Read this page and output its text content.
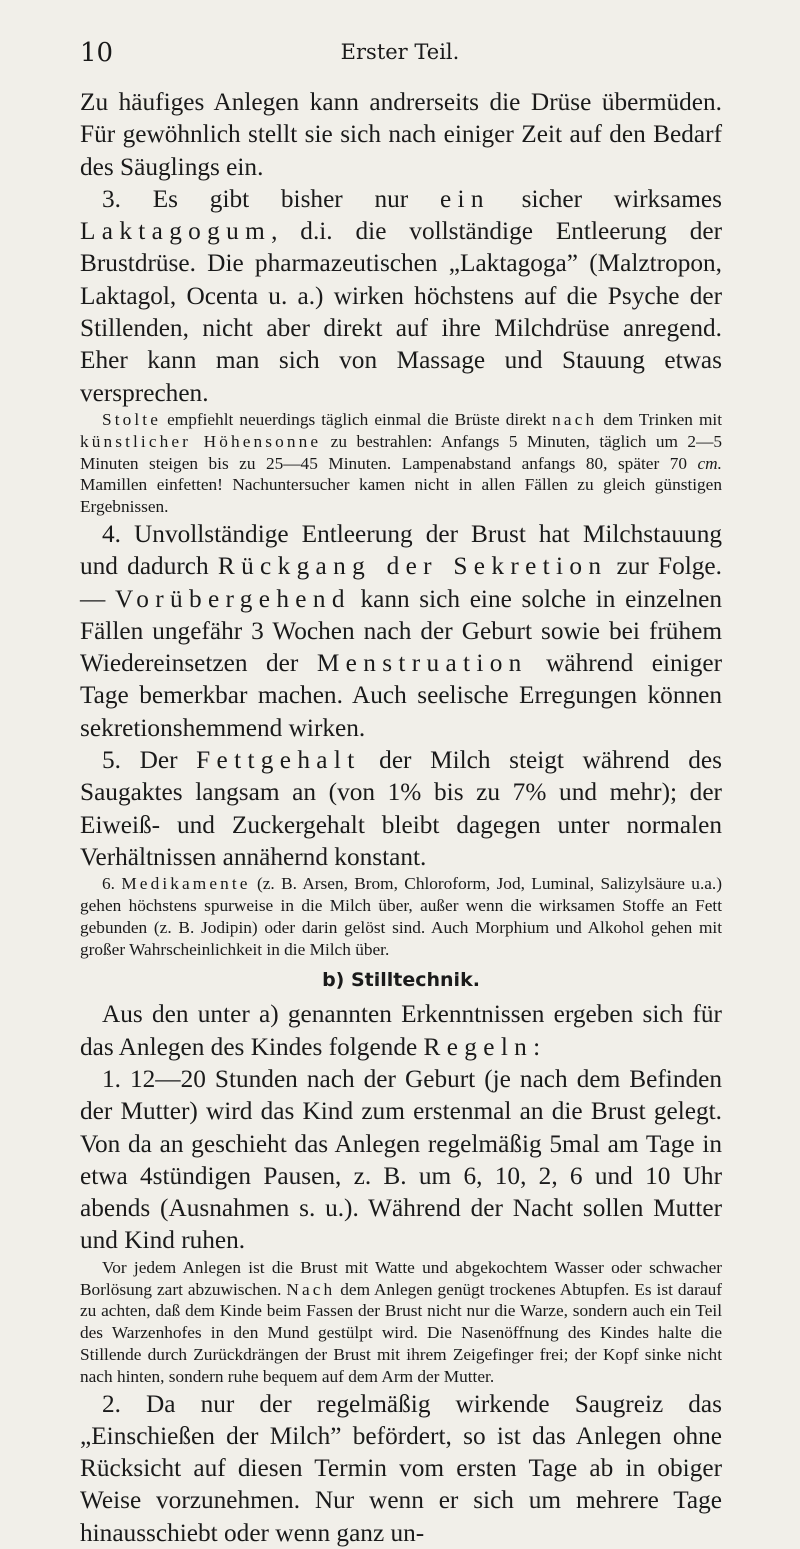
10	Erster Teil.

Zu häufiges Anlegen kann andrerseits die Drüse übermüden. Für gewöhnlich stellt sie sich nach einiger Zeit auf den Bedarf des Säuglings ein.

3. Es gibt bisher nur ein sicher wirksames Laktagogum, d.i. die vollständige Entleerung der Brustdrüse. Die pharmazeutischen „Laktagoga” (Malztropon, Laktagol, Ocenta u. a.) wirken höchstens auf die Psyche der Stillenden, nicht aber direkt auf ihre Milchdrüse anregend. Eher kann man sich von Massage und Stauung etwas versprechen.

Stolte empfiehlt neuerdings täglich einmal die Brüste direkt nach dem Trinken mit künstlicher Höhensonne zu bestrahlen: Anfangs 5 Minuten, täglich um 2—5 Minuten steigen bis zu 25—45 Minuten. Lampenabstand anfangs 80, später 70 cm. Mamillen einfetten! Nachuntersucher kamen nicht in allen Fällen zu gleich günstigen Ergebnissen.

4. Unvollständige Entleerung der Brust hat Milchstauung und dadurch Rückgang der Sekretion zur Folge. — Vorübergehend kann sich eine solche in einzelnen Fällen ungefähr 3 Wochen nach der Geburt sowie bei frühem Wiedereinsetzen der Menstruation während einiger Tage bemerkbar machen. Auch seelische Erregungen können sekretionshemmend wirken.

5. Der Fettgehalt der Milch steigt während des Saugaktes langsam an (von 1% bis zu 7% und mehr); der Eiweiß- und Zuckergehalt bleibt dagegen unter normalen Verhältnissen annähernd konstant.

6. Medikamente (z. B. Arsen, Brom, Chloroform, Jod, Luminal, Salizylsäure u.a.) gehen höchstens spurweise in die Milch über, außer wenn die wirksamen Stoffe an Fett gebunden (z. B. Jodipin) oder darin gelöst sind. Auch Morphium und Alkohol gehen mit großer Wahrscheinlichkeit in die Milch über.

b) Stilltechnik.

Aus den unter a) genannten Erkenntnissen ergeben sich für das Anlegen des Kindes folgende Regeln:

1. 12—20 Stunden nach der Geburt (je nach dem Befinden der Mutter) wird das Kind zum erstenmal an die Brust gelegt. Von da an geschieht das Anlegen regelmäßig 5mal am Tage in etwa 4stündigen Pausen, z. B. um 6, 10, 2, 6 und 10 Uhr abends (Ausnahmen s. u.). Während der Nacht sollen Mutter und Kind ruhen.

Vor jedem Anlegen ist die Brust mit Watte und abgekochtem Wasser oder schwacher Borlösung zart abzuwischen. Nach dem Anlegen genügt trockenes Abtupfen. Es ist darauf zu achten, daß dem Kinde beim Fassen der Brust nicht nur die Warze, sondern auch ein Teil des Warzenhofes in den Mund gestülpt wird. Die Nasenöffnung des Kindes halte die Stillende durch Zurückdrängen der Brust mit ihrem Zeigefinger frei; der Kopf sinke nicht nach hinten, sondern ruhe bequem auf dem Arm der Mutter.

2. Da nur der regelmäßig wirkende Saugreiz das „Einschießen der Milch” befördert, so ist das Anlegen ohne Rücksicht auf diesen Termin vom ersten Tage ab in obiger Weise vorzunehmen. Nur wenn er sich um mehrere Tage hinausschiebt oder wenn ganz un-
